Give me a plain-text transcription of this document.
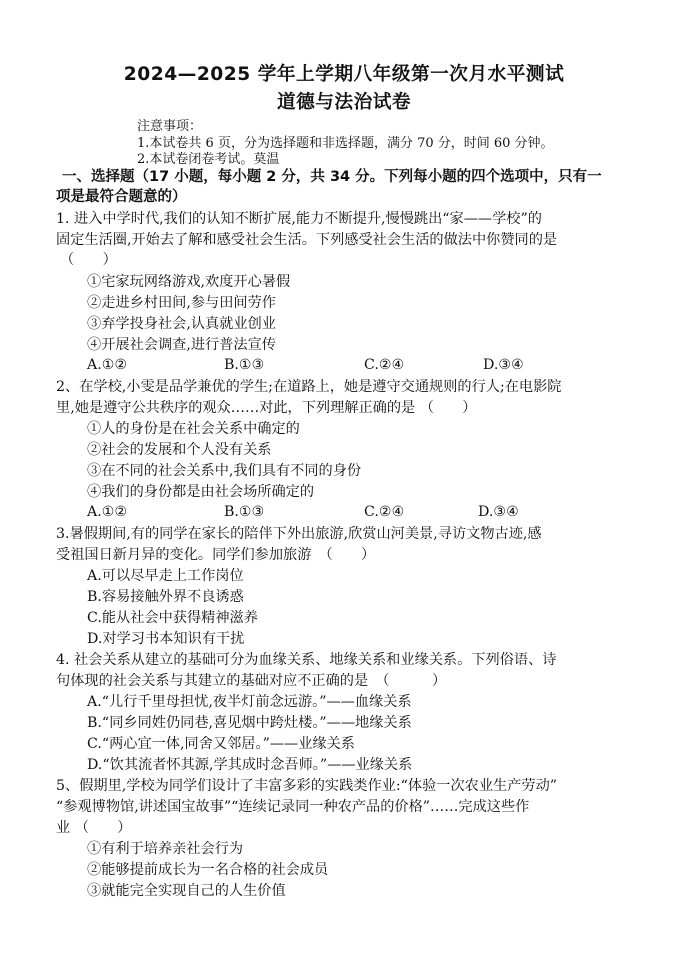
2024—2025 学年上学期八年级第一次月水平测试
道德与法治试卷
注意事项：
1.本试卷共 6 页，分为选择题和非选择题，满分 70 分，时间 60 分钟。
2.本试卷闭卷考试。莫温
一、选择题（17 小题，每小题 2 分，共 34 分。下列每小题的四个选项中，只有一
项是最符合题意的）
1. 进入中学时代,我们的认知不断扩展,能力不断提升,慢慢跳出“家——学校”的
固定生活圈,开始去了解和感受社会生活。下列感受社会生活的做法中你赞同的是
（　　）
①宅家玩网络游戏,欢度开心暑假
②走进乡村田间,参与田间劳作
③弃学投身社会,认真就业创业
④开展社会调查,进行普法宣传
A.①②	B.①③	C.②④	D.③④
2、在学校,小雯是品学兼优的学生;在道路上，她是遵守交通规则的行人;在电影院
里,她是遵守公共秩序的观众……对此，下列理解正确的是 （　　）
①人的身份是在社会关系中确定的
②社会的发展和个人没有关系
③在不同的社会关系中,我们具有不同的身份
④我们的身份都是由社会场所确定的
A.①②	B.①③	C.②④	D.③④
3.暑假期间,有的同学在家长的陪伴下外出旅游,欣赏山河美景,寻访文物古迹,感
受祖国日新月异的变化。同学们参加旅游　（　　）
A.可以尽早走上工作岗位
B.容易接触外界不良诱惑
C.能从社会中获得精神滋养
D.对学习书本知识有干扰
4. 社会关系从建立的基础可分为血缘关系、地缘关系和业缘关系。下列俗语、诗
句体现的社会关系与其建立的基础对应不正确的是　（　　　）
A.“儿行千里母担忧,夜半灯前念远游。”——血缘关系
B.“同乡同姓仍同巷,喜见烟中跨灶楼。”——地缘关系
C.“两心宜一体,同舍又邻居。”——业缘关系
D.“饮其流者怀其源,学其成时念吾师。”——业缘关系
5、假期里,学校为同学们设计了丰富多彩的实践类作业:“体验一次农业生产劳动”
“参观博物馆,讲述国宝故事”“连续记录同一种农产品的价格”……完成这些作
业 （　　）
①有利于培养亲社会行为
②能够提前成长为一名合格的社会成员
③就能完全实现自己的人生价值
